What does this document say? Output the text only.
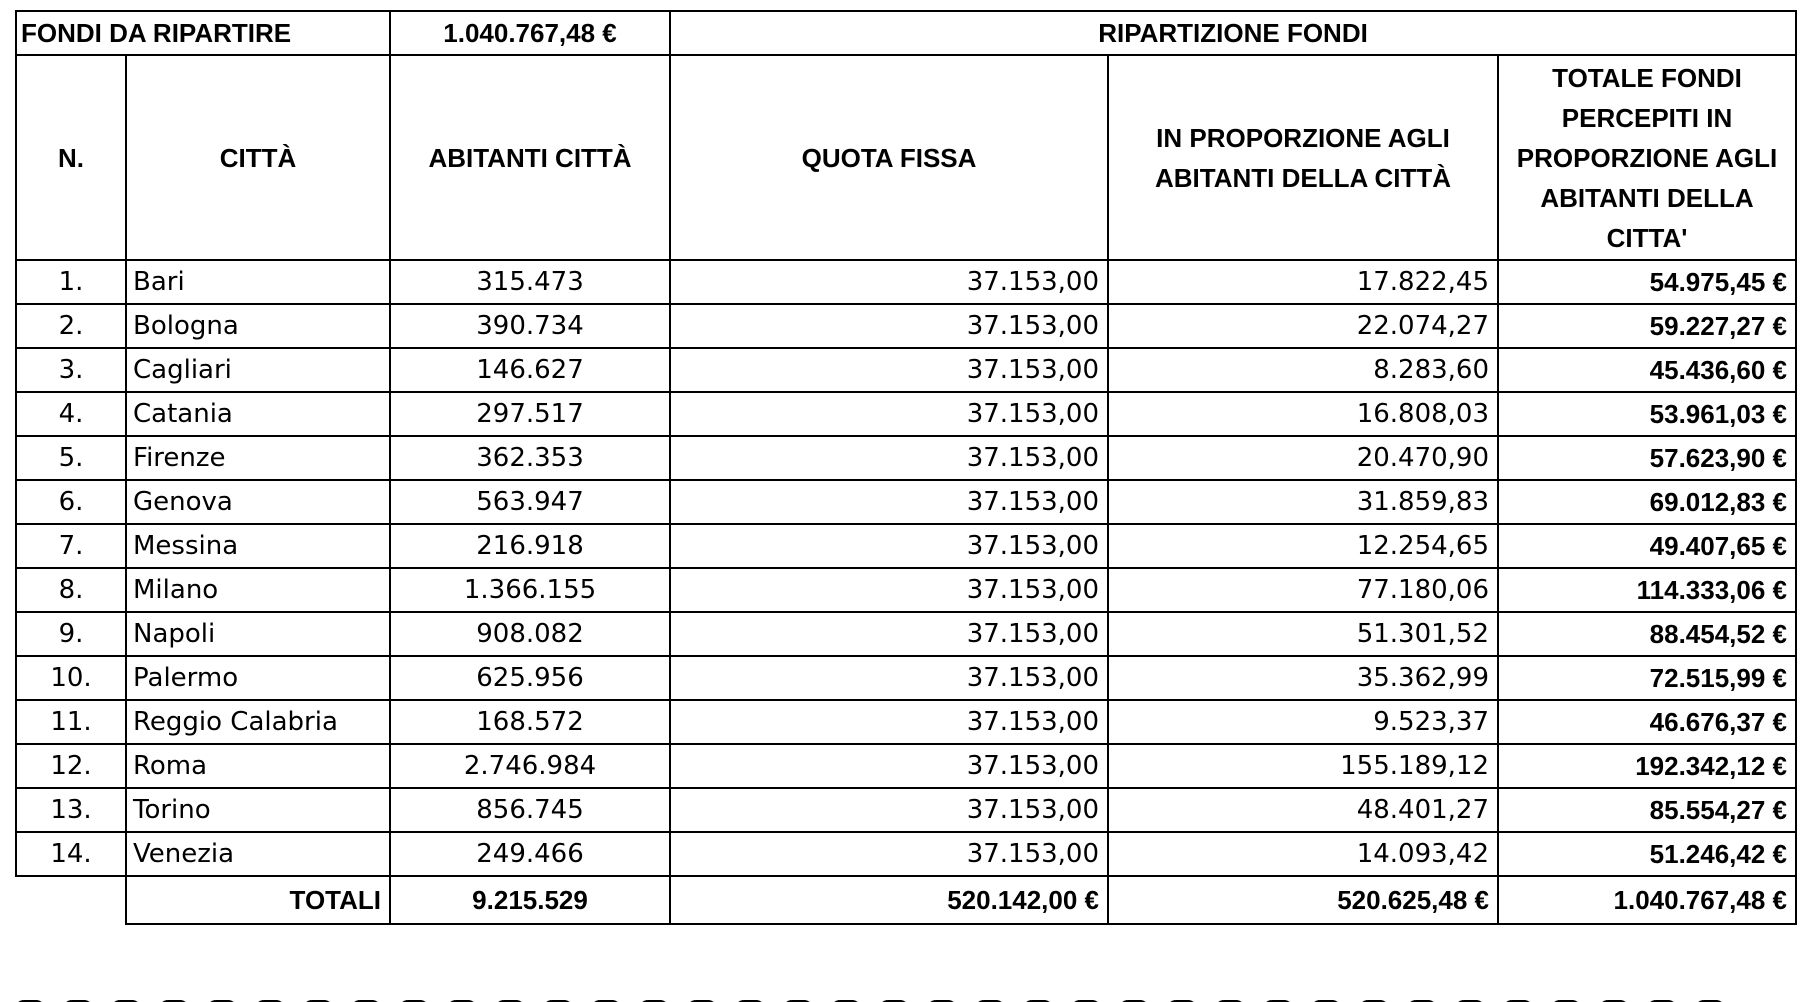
FONDI DA RIPARTIRE		1.040.767,48 €	RIPARTIZIONE FONDI		
N.	CITTÀ	ABITANTI CITTÀ	QUOTA FISSA	IN PROPORZIONE AGLI ABITANTI DELLA CITTÀ	TOTALE FONDI PERCEPITI IN PROPORZIONE AGLI ABITANTI DELLA CITTA'
1.	Bari	315.473	37.153,00	17.822,45	54.975,45 €
2.	Bologna	390.734	37.153,00	22.074,27	59.227,27 €
3.	Cagliari	146.627	37.153,00	8.283,60	45.436,60 €
4.	Catania	297.517	37.153,00	16.808,03	53.961,03 €
5.	Firenze	362.353	37.153,00	20.470,90	57.623,90 €
6.	Genova	563.947	37.153,00	31.859,83	69.012,83 €
7.	Messina	216.918	37.153,00	12.254,65	49.407,65 €
8.	Milano	1.366.155	37.153,00	77.180,06	114.333,06 €
9.	Napoli	908.082	37.153,00	51.301,52	88.454,52 €
10.	Palermo	625.956	37.153,00	35.362,99	72.515,99 €
11.	Reggio Calabria	168.572	37.153,00	9.523,37	46.676,37 €
12.	Roma	2.746.984	37.153,00	155.189,12	192.342,12 €
13.	Torino	856.745	37.153,00	48.401,27	85.554,27 €
14.	Venezia	249.466	37.153,00	14.093,42	51.246,42 €
	TOTALI	9.215.529	520.142,00 €	520.625,48 €	1.040.767,48 €
